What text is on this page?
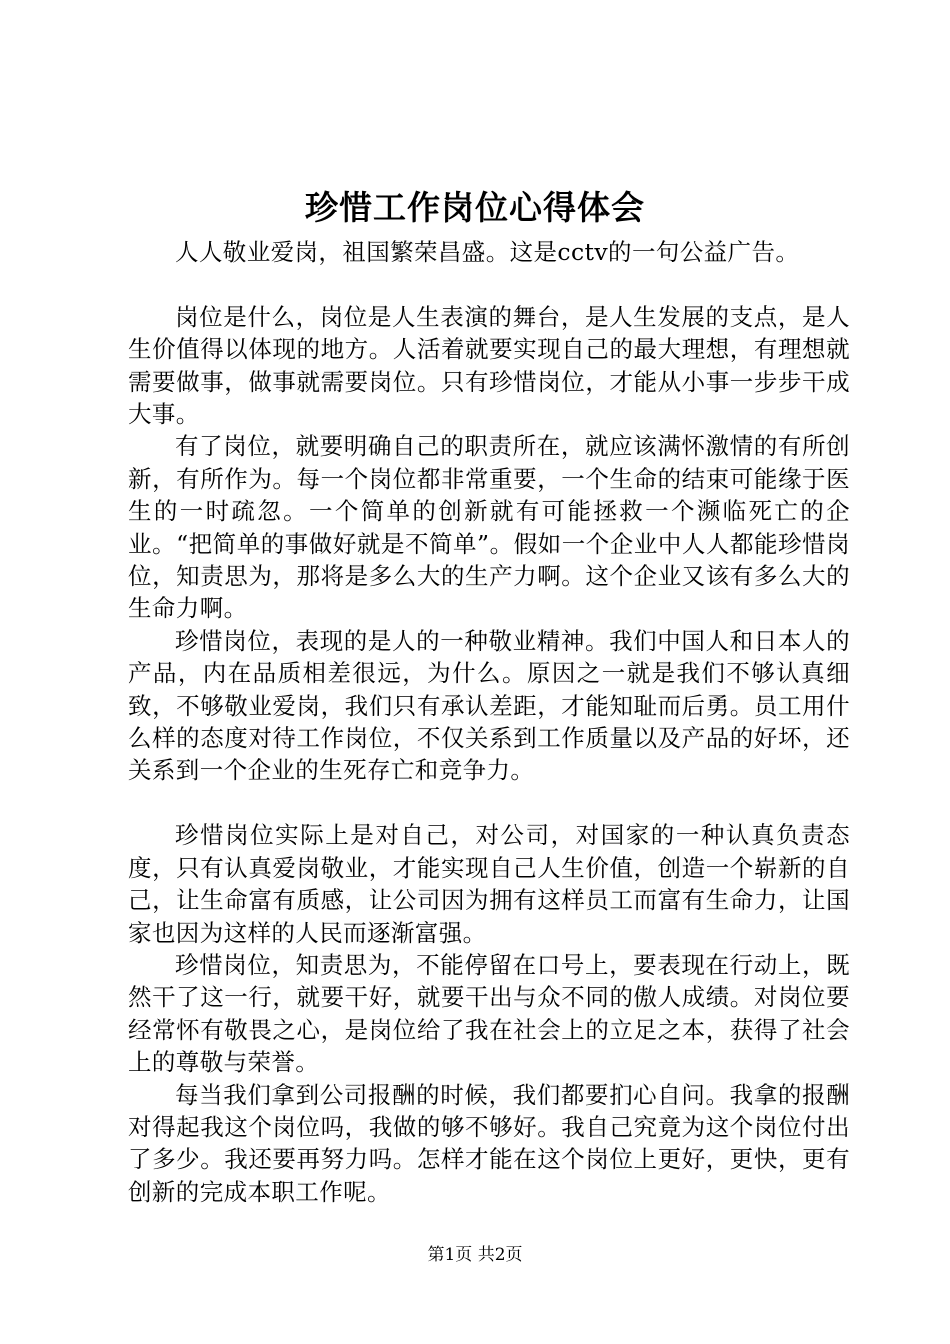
珍惜工作岗位心得体会

人人敬业爱岗，祖国繁荣昌盛。这是cctv的一句公益广告。

岗位是什么，岗位是人生表演的舞台，是人生发展的支点，是人生价值得以体现的地方。人活着就要实现自己的最大理想，有理想就需要做事，做事就需要岗位。只有珍惜岗位，才能从小事一步步干成大事。

有了岗位，就要明确自己的职责所在，就应该满怀激情的有所创新，有所作为。每一个岗位都非常重要，一个生命的结束可能缘于医生的一时疏忽。一个简单的创新就有可能拯救一个濒临死亡的企业。“把简单的事做好就是不简单”。假如一个企业中人人都能珍惜岗位，知责思为，那将是多么大的生产力啊。这个企业又该有多么大的生命力啊。

珍惜岗位，表现的是人的一种敬业精神。我们中国人和日本人的产品，内在品质相差很远，为什么。原因之一就是我们不够认真细致，不够敬业爱岗，我们只有承认差距，才能知耻而后勇。员工用什么样的态度对待工作岗位，不仅关系到工作质量以及产品的好坏，还关系到一个企业的生死存亡和竞争力。

珍惜岗位实际上是对自己，对公司，对国家的一种认真负责态度，只有认真爱岗敬业，才能实现自己人生价值，创造一个崭新的自己，让生命富有质感，让公司因为拥有这样员工而富有生命力，让国家也因为这样的人民而逐渐富强。

珍惜岗位，知责思为，不能停留在口号上，要表现在行动上，既然干了这一行，就要干好，就要干出与众不同的傲人成绩。对岗位要经常怀有敬畏之心，是岗位给了我在社会上的立足之本，获得了社会上的尊敬与荣誉。

每当我们拿到公司报酬的时候，我们都要扪心自问。我拿的报酬对得起我这个岗位吗，我做的够不够好。我自己究竟为这个岗位付出了多少。我还要再努力吗。怎样才能在这个岗位上更好，更快，更有创新的完成本职工作呢。

第1页 共2页
